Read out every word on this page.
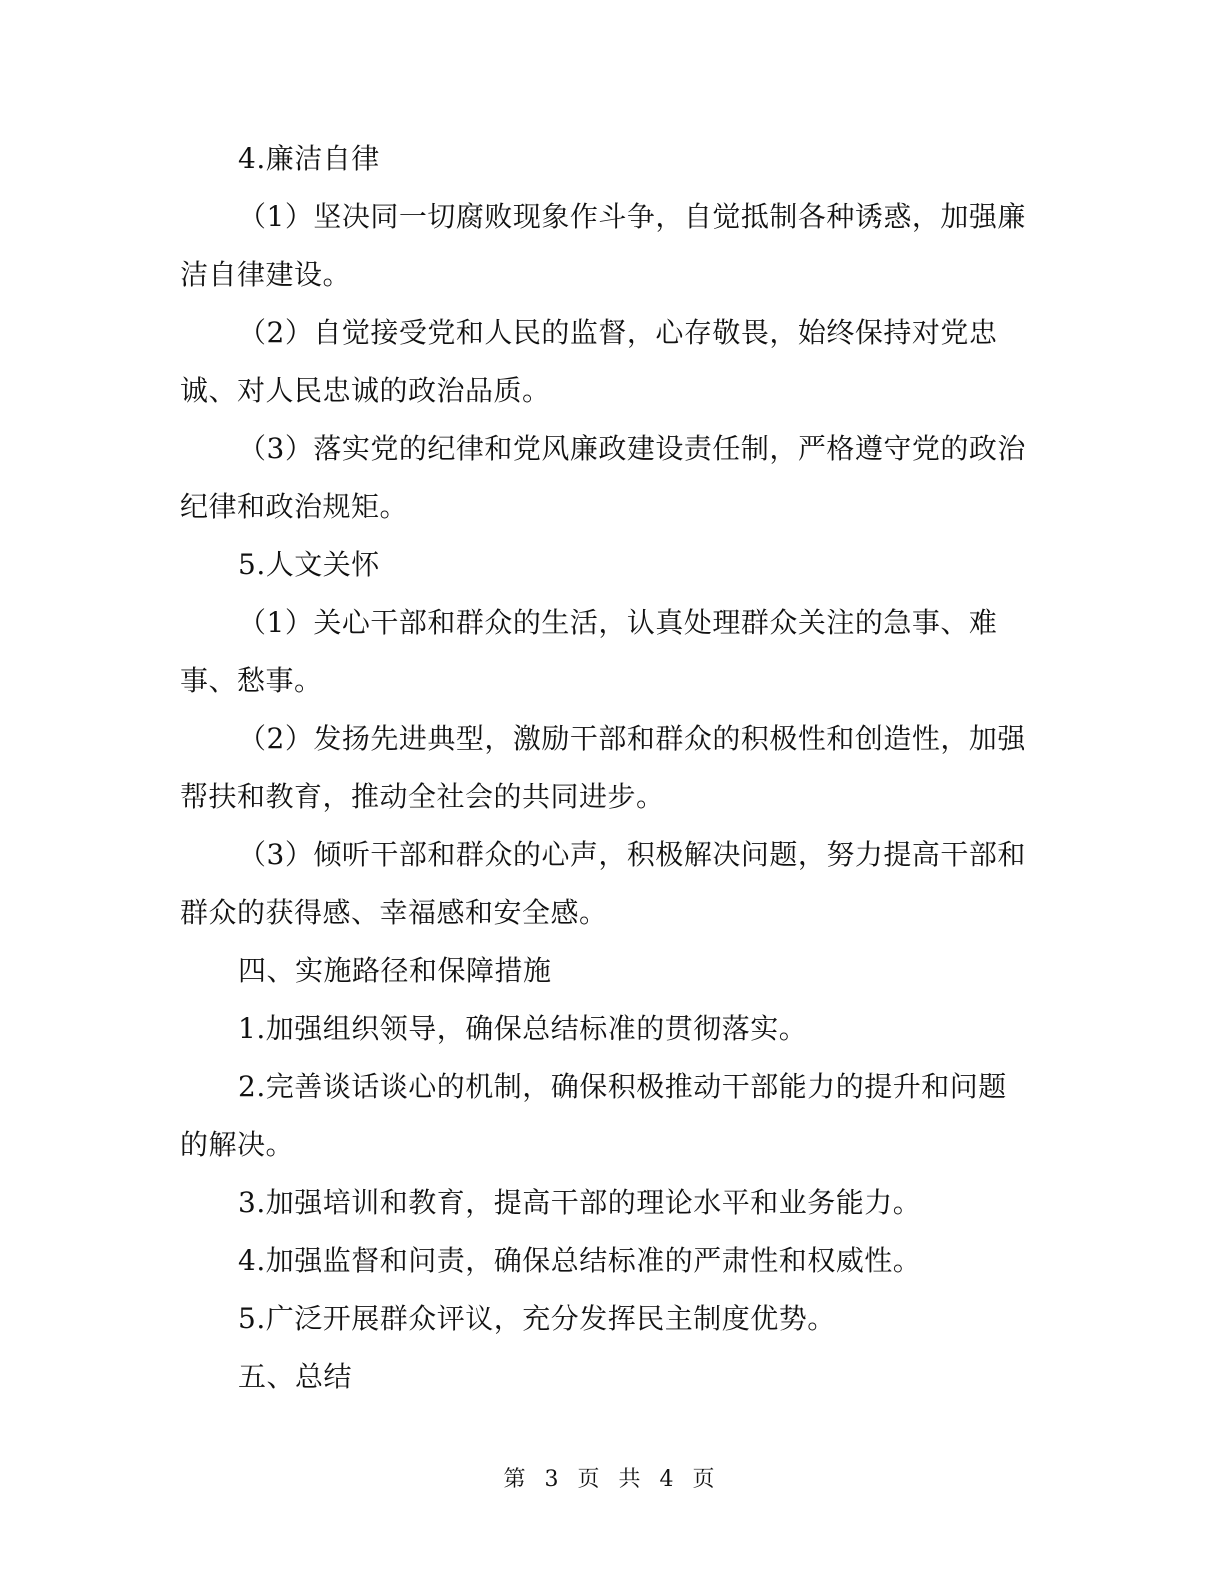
4.廉洁自律

（1）坚决同一切腐败现象作斗争，自觉抵制各种诱惑，加强廉洁自律建设。

（2）自觉接受党和人民的监督，心存敬畏，始终保持对党忠诚、对人民忠诚的政治品质。

（3）落实党的纪律和党风廉政建设责任制，严格遵守党的政治纪律和政治规矩。

5.人文关怀

（1）关心干部和群众的生活，认真处理群众关注的急事、难事、愁事。

（2）发扬先进典型，激励干部和群众的积极性和创造性，加强帮扶和教育，推动全社会的共同进步。

（3）倾听干部和群众的心声，积极解决问题，努力提高干部和群众的获得感、幸福感和安全感。

四、实施路径和保障措施

1.加强组织领导，确保总结标准的贯彻落实。

2.完善谈话谈心的机制，确保积极推动干部能力的提升和问题的解决。

3.加强培训和教育，提高干部的理论水平和业务能力。

4.加强监督和问责，确保总结标准的严肃性和权威性。

5.广泛开展群众评议，充分发挥民主制度优势。

五、总结

第 3 页 共 4 页
